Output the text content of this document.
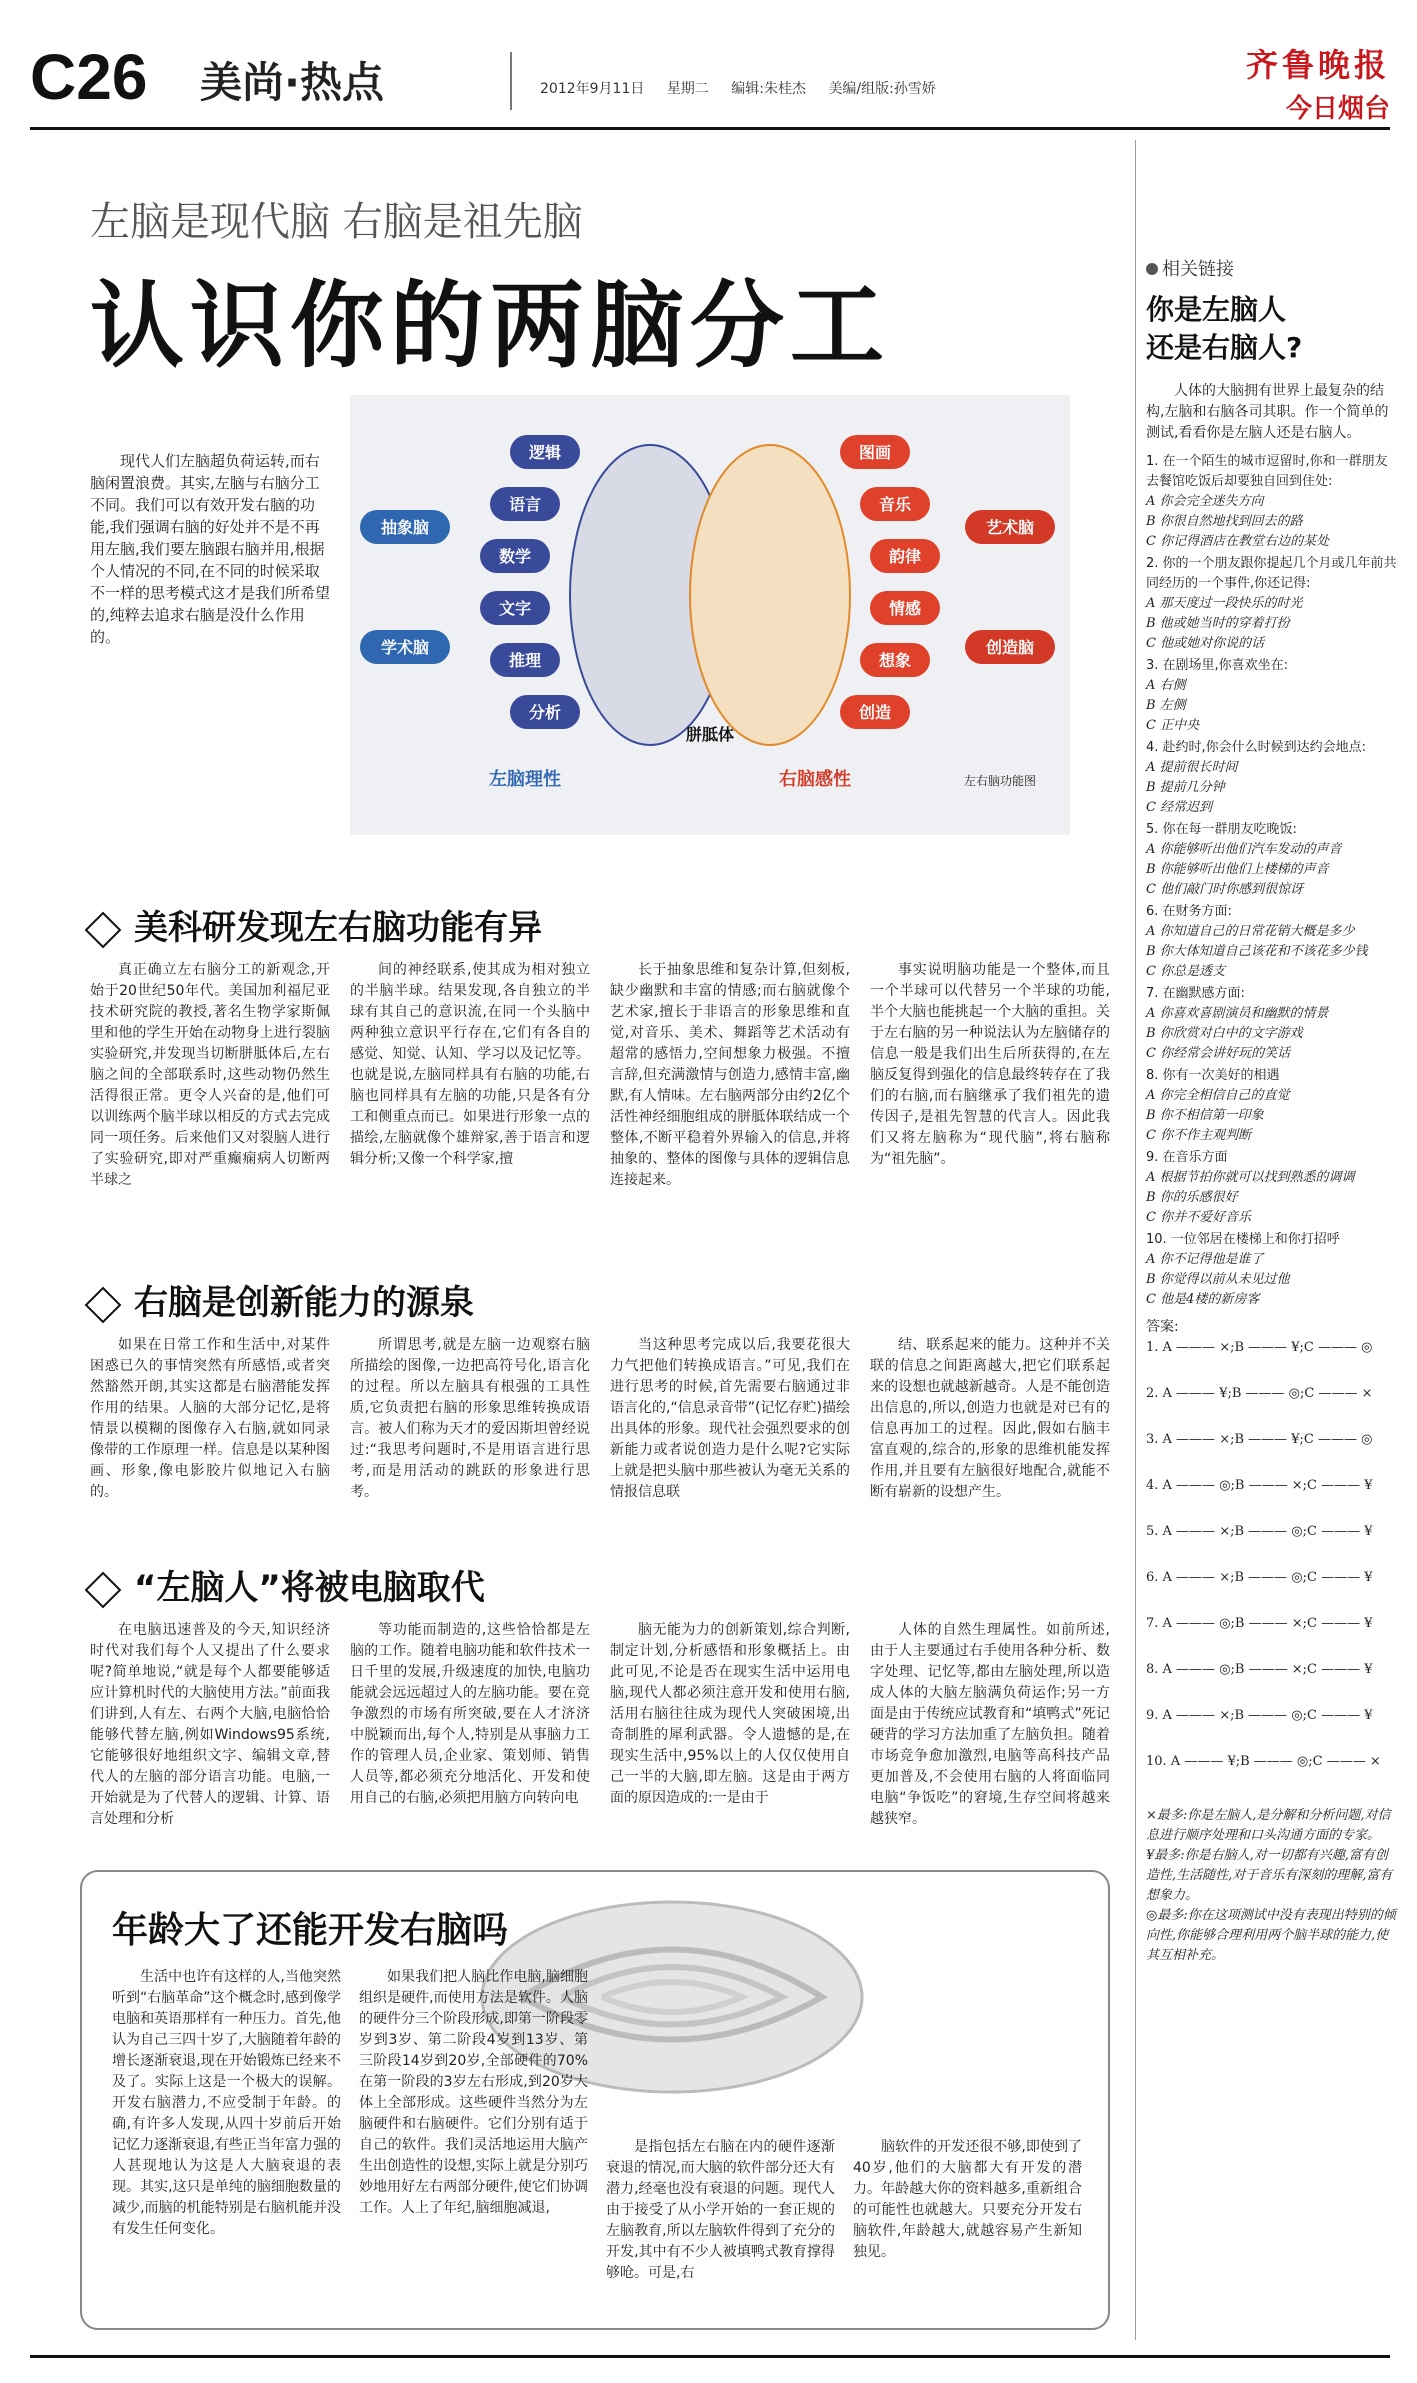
C26 美尚·热点	2012年9月11日 星期二 编辑:朱桂杰 美编/组版:孙雪娇
齐鲁晚报
今日烟台
左脑是现代脑 右脑是祖先脑
认识你的两脑分工
现代人们左脑超负荷运转,而右脑闲置浪费。其实,左脑与右脑分工不同。我们可以有效开发右脑的功能,我们强调右脑的好处并不是不再用左脑,我们要左脑跟右脑并用,根据个人情况的不同,在不同的时候采取不一样的思考模式这才是我们所希望的,纯粹去追求右脑是没什么作用的。
逻辑
语言
数学
文字
推理
分析
图画
音乐
韵律
情感
想象
创造
抽象脑
学术脑
艺术脑
创造脑
胼胝体
左脑理性	右脑感性	左右脑功能图
美科研发现左右脑功能有异
真正确立左右脑分工的新观念,开始于20世纪50年代。美国加利福尼亚技术研究院的教授,著名生物学家斯佩里和他的学生开始在动物身上进行裂脑实验研究,并发现当切断胼胝体后,左右脑之间的全部联系时,这些动物仍然生活得很正常。更令人兴奋的是,他们可以训练两个脑半球以相反的方式去完成同一项任务。后来他们又对裂脑人进行了实验研究,即对严重癫痫病人切断两半球之
间的神经联系,使其成为相对独立的半脑半球。结果发现,各自独立的半球有其自己的意识流,在同一个头脑中两种独立意识平行存在,它们有各自的感觉、知觉、认知、学习以及记忆等。也就是说,左脑同样具有右脑的功能,右脑也同样具有左脑的功能,只是各有分工和侧重点而已。如果进行形象一点的描绘,左脑就像个雄辩家,善于语言和逻辑分析;又像一个科学家,擅
长于抽象思维和复杂计算,但刻板,缺少幽默和丰富的情感;而右脑就像个艺术家,擅长于非语言的形象思维和直觉,对音乐、美术、舞蹈等艺术活动有超常的感悟力,空间想象力极强。不擅言辞,但充满激情与创造力,感情丰富,幽默,有人情味。左右脑两部分由约2亿个活性神经细胞组成的胼胝体联结成一个整体,不断平稳着外界输入的信息,并将抽象的、整体的图像与具体的逻辑信息连接起来。
事实说明脑功能是一个整体,而且一个半球可以代替另一个半球的功能,半个大脑也能挑起一个大脑的重担。关于左右脑的另一种说法认为左脑储存的信息一般是我们出生后所获得的,在左脑反复得到强化的信息最终转存在了我们的右脑,而右脑继承了我们祖先的遗传因子,是祖先智慧的代言人。因此我们又将左脑称为“现代脑”,将右脑称为“祖先脑”。
右脑是创新能力的源泉
如果在日常工作和生活中,对某件困惑已久的事情突然有所感悟,或者突然豁然开朗,其实这都是右脑潜能发挥作用的结果。人脑的大部分记忆,是将情景以模糊的图像存入右脑,就如同录像带的工作原理一样。信息是以某种图画、形象,像电影胶片似地记入右脑的。
所谓思考,就是左脑一边观察右脑所描绘的图像,一边把高符号化,语言化的过程。所以左脑具有根强的工具性质,它负责把右脑的形象思维转换成语言。被人们称为天才的爱因斯坦曾经说过:“我思考问题时,不是用语言进行思考,而是用活动的跳跃的形象进行思考。
当这种思考完成以后,我要花很大力气把他们转换成语言。”可见,我们在进行思考的时候,首先需要右脑通过非语言化的,“信息录音带”(记忆存贮)描绘出具体的形象。现代社会强烈要求的创新能力或者说创造力是什么呢?它实际上就是把头脑中那些被认为毫无关系的情报信息联
结、联系起来的能力。这种并不关联的信息之间距离越大,把它们联系起来的设想也就越新越奇。人是不能创造出信息的,所以,创造力也就是对已有的信息再加工的过程。因此,假如右脑丰富直观的,综合的,形象的思维机能发挥作用,并且要有左脑很好地配合,就能不断有崭新的设想产生。
“左脑人”将被电脑取代
在电脑迅速普及的今天,知识经济时代对我们每个人又提出了什么要求呢?简单地说,“就是每个人都要能够适应计算机时代的大脑使用方法。”前面我们讲到,人有左、右两个大脑,电脑恰恰能够代替左脑,例如Windows95系统,它能够很好地组织文字、编辑文章,替代人的左脑的部分语言功能。电脑,一开始就是为了代替人的逻辑、计算、语言处理和分析
等功能而制造的,这些恰恰都是左脑的工作。随着电脑功能和软件技术一日千里的发展,升级速度的加快,电脑功能就会远远超过人的左脑功能。要在竞争激烈的市场有所突破,要在人才济济中脱颖而出,每个人,特别是从事脑力工作的管理人员,企业家、策划师、销售人员等,都必须充分地活化、开发和使用自己的右脑,必须把用脑方向转向电
脑无能为力的创新策划,综合判断,制定计划,分析感悟和形象概括上。由此可见,不论是否在现实生活中运用电脑,现代人都必须注意开发和使用右脑,活用右脑往往成为现代人突破困境,出奇制胜的犀利武器。令人遗憾的是,在现实生活中,95%以上的人仅仅使用自己一半的大脑,即左脑。这是由于两方面的原因造成的:一是由于
人体的自然生理属性。如前所述,由于人主要通过右手使用各种分析、数字处理、记忆等,都由左脑处理,所以造成人体的大脑左脑满负荷运作;另一方面是由于传统应试教育和“填鸭式”死记硬背的学习方法加重了左脑负担。随着市场竞争愈加激烈,电脑等高科技产品更加普及,不会使用右脑的人将面临同电脑“争饭吃”的窘境,生存空间将越来越狭窄。
年龄大了还能开发右脑吗
生活中也许有这样的人,当他突然听到“右脑革命”这个概念时,感到像学电脑和英语那样有一种压力。首先,他认为自己三四十岁了,大脑随着年龄的增长逐渐衰退,现在开始锻炼已经来不及了。实际上这是一个极大的误解。开发右脑潜力,不应受制于年龄。的确,有许多人发现,从四十岁前后开始记忆力逐渐衰退,有些正当年富力强的人甚现地认为这是人大脑衰退的表现。其实,这只是单纯的脑细胞数量的减少,而脑的机能特别是右脑机能并没有发生任何变化。
如果我们把人脑比作电脑,脑细胞组织是硬件,而使用方法是软件。人脑的硬件分三个阶段形成,即第一阶段零岁到3岁、第二阶段4岁到13岁、第三阶段14岁到20岁,全部硬件的70%在第一阶段的3岁左右形成,到20岁大体上全部形成。这些硬件当然分为左脑硬件和右脑硬件。它们分别有适于自己的软件。我们灵活地运用大脑产生出创造性的设想,实际上就是分别巧妙地用好左右两部分硬件,使它们协调工作。人上了年纪,脑细胞减退,
是指包括左右脑在内的硬件逐渐衰退的情况,而大脑的软件部分还大有潜力,经毫也没有衰退的问题。现代人由于接受了从小学开始的一套正规的左脑教育,所以左脑软件得到了充分的开发,其中有不少人被填鸭式教育撑得够呛。可是,右
脑软件的开发还很不够,即使到了40岁,他们的大脑都大有开发的潜力。年龄越大你的资料越多,重新组合的可能性也就越大。只要充分开发右脑软件,年龄越大,就越容易产生新知独见。
相关链接
你是左脑人
还是右脑人?
人体的大脑拥有世界上最复杂的结构,左脑和右脑各司其职。作一个简单的测试,看看你是左脑人还是右脑人。
1. 在一个陌生的城市逗留时,你和一群朋友去餐馆吃饭后却要独自回到住处:
A 你会完全迷失方向
B 你很自然地找到回去的路
C 你记得酒店在教堂右边的某处
2. 你的一个朋友跟你提起几个月或几年前共同经历的一个事件,你还记得:
A 那天度过一段快乐的时光
B 他或她当时的穿着打扮
C 他或她对你说的话
3. 在剧场里,你喜欢坐在:
A 右侧
B 左侧
C 正中央
4. 赴约时,你会什么时候到达约会地点:
A 提前很长时间
B 提前几分钟
C 经常迟到
5. 你在每一群朋友吃晚饭:
A 你能够听出他们汽车发动的声音
B 你能够听出他们上楼梯的声音
C 他们敲门时你感到很惊讶
6. 在财务方面:
A 你知道自己的日常花销大概是多少
B 你大体知道自己该花和不该花多少钱
C 你总是透支
7. 在幽默感方面:
A 你喜欢喜剧演员和幽默的情景
B 你欣赏对白中的文字游戏
C 你经常会讲好玩的笑话
8. 你有一次美好的相遇
A 你完全相信自己的直觉
B 你不相信第一印象
C 你不作主观判断
9. 在音乐方面
A 根据节拍你就可以找到熟悉的调调
B 你的乐感很好
C 你并不爱好音乐
10. 一位邻居在楼梯上和你打招呼
A 你不记得他是谁了
B 你觉得以前从未见过他
C 他是4楼的新房客
答案:
1. A ——— ×;B ——— ¥;C ——— ◎
2. A ——— ¥;B ——— ◎;C ——— ×
3. A ——— ×;B ——— ¥;C ——— ◎
4. A ——— ◎;B ——— ×;C ——— ¥
5. A ——— ×;B ——— ◎;C ——— ¥
6. A ——— ×;B ——— ◎;C ——— ¥
7. A ——— ◎;B ——— ×;C ——— ¥
8. A ——— ◎;B ——— ×;C ——— ¥
9. A ——— ×;B ——— ◎;C ——— ¥
10. A ——— ¥;B ——— ◎;C ——— ×
×最多:你是左脑人,是分解和分析问题,对信息进行顺序处理和口头沟通方面的专家。
¥最多:你是右脑人,对一切都有兴趣,富有创造性,生活随性,对于音乐有深刻的理解,富有想象力。
◎最多:你在这项测试中没有表现出特别的倾向性,你能够合理利用两个脑半球的能力,使其互相补充。
